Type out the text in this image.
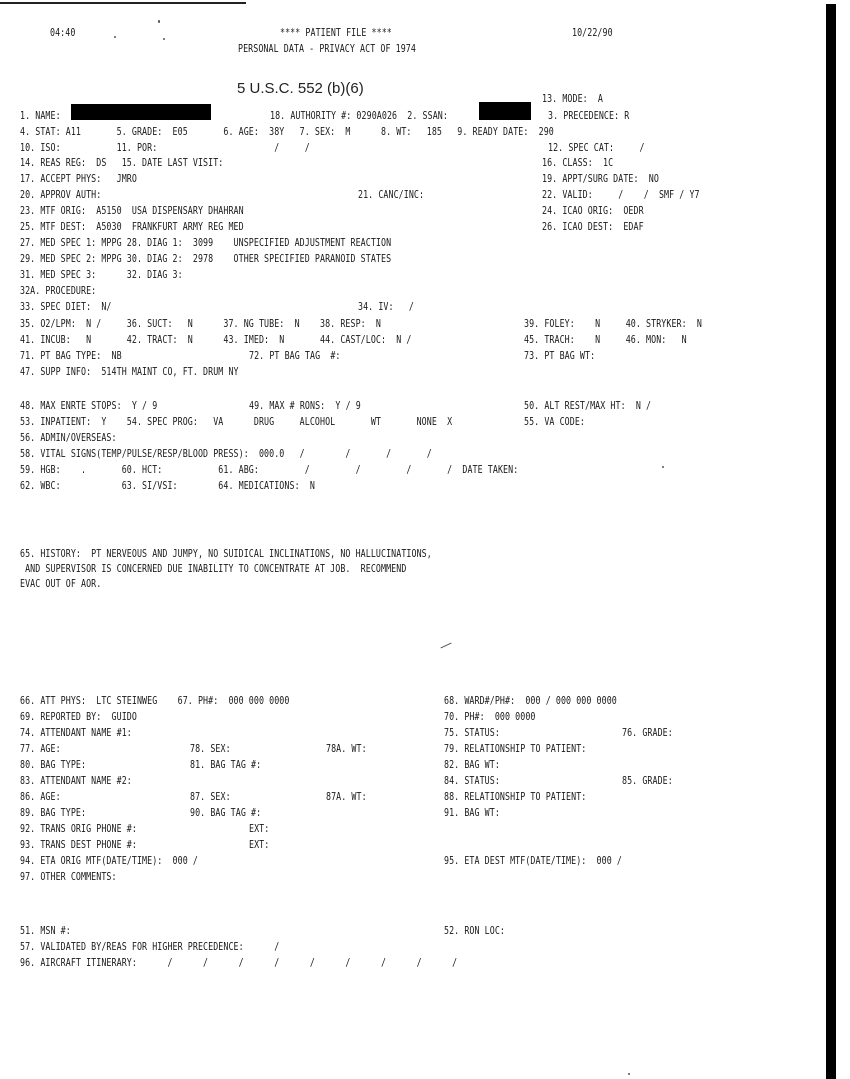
04:40	**** PATIENT FILE ****	10/22/90
PERSONAL DATA - PRIVACY ACT OF 1974
5 U.S.C. 552 (b)(6)
13. MODE:  A
1. NAME:	18. AUTHORITY #: 0290A026  2. SSAN:	3. PRECEDENCE: R
4. STAT: A11       5. GRADE:  E05       6. AGE:  38Y   7. SEX:  M      8. WT:   185   9. READY DATE:  290
10. ISO:           11. POR:                       /     /	12. SPEC CAT:     /
14. REAS REG:  DS   15. DATE LAST VISIT:	16. CLASS:  1C
17. ACCEPT PHYS:   JMRO	19. APPT/SURG DATE:  NO
20. APPROV AUTH:	21. CANC/INC:	22. VALID:     /    /  SMF / Y7
23. MTF ORIG:  A5150  USA DISPENSARY DHAHRAN	24. ICAO ORIG:  OEDR
25. MTF DEST:  A5030  FRANKFURT ARMY REG MED	26. ICAO DEST:  EDAF
27. MED SPEC 1: MPPG 28. DIAG 1:  3099    UNSPECIFIED ADJUSTMENT REACTION
29. MED SPEC 2: MPPG 30. DIAG 2:  2978    OTHER SPECIFIED PARANOID STATES
31. MED SPEC 3:      32. DIAG 3:
32A. PROCEDURE:
33. SPEC DIET:  N/	34. IV:   /
35. O2/LPM:  N /     36. SUCT:   N      37. NG TUBE:  N    38. RESP:  N	39. FOLEY:    N     40. STRYKER:  N
41. INCUB:   N       42. TRACT:  N      43. IMED:  N       44. CAST/LOC:  N /	45. TRACH:    N     46. MON:   N
71. PT BAG TYPE:  NB	72. PT BAG TAG  #:	73. PT BAG WT:
47. SUPP INFO:  514TH MAINT CO, FT. DRUM NY
48. MAX ENRTE STOPS:  Y / 9	49. MAX # RONS:  Y / 9	50. ALT REST/MAX HT:  N /
53. INPATIENT:  Y    54. SPEC PROG:   VA      DRUG     ALCOHOL       WT       NONE  X	55. VA CODE:
56. ADMIN/OVERSEAS:
58. VITAL SIGNS(TEMP/PULSE/RESP/BLOOD PRESS):  000.0   /        /       /       /
59. HGB:    .       60. HCT:           61. ABG:         /         /         /       /  DATE TAKEN:
62. WBC:            63. SI/VSI:        64. MEDICATIONS:  N
65. HISTORY:  PT NERVEOUS AND JUMPY, NO SUIDICAL INCLINATIONS, NO HALLUCINATIONS,
AND SUPERVISOR IS CONCERNED DUE INABILITY TO CONCENTRATE AT JOB.  RECOMMEND
EVAC OUT OF AOR.
66. ATT PHYS:  LTC STEINWEG    67. PH#:  000 000 0000	68. WARD#/PH#:  000 / 000 000 0000
69. REPORTED BY:  GUIDO	70. PH#:  000 0000
74. ATTENDANT NAME #1:	75. STATUS:	76. GRADE:
77. AGE:	78. SEX:	78A. WT:	79. RELATIONSHIP TO PATIENT:
80. BAG TYPE:	81. BAG TAG #:	82. BAG WT:
83. ATTENDANT NAME #2:	84. STATUS:	85. GRADE:
86. AGE:	87. SEX:	87A. WT:	88. RELATIONSHIP TO PATIENT:
89. BAG TYPE:	90. BAG TAG #:	91. BAG WT:
92. TRANS ORIG PHONE #:	EXT:
93. TRANS DEST PHONE #:	EXT:
94. ETA ORIG MTF(DATE/TIME):  000 /	95. ETA DEST MTF(DATE/TIME):  000 /
97. OTHER COMMENTS:
51. MSN #:	52. RON LOC:
57. VALIDATED BY/REAS FOR HIGHER PRECEDENCE:      /
96. AIRCRAFT ITINERARY:      /      /      /      /      /      /      /      /      /
